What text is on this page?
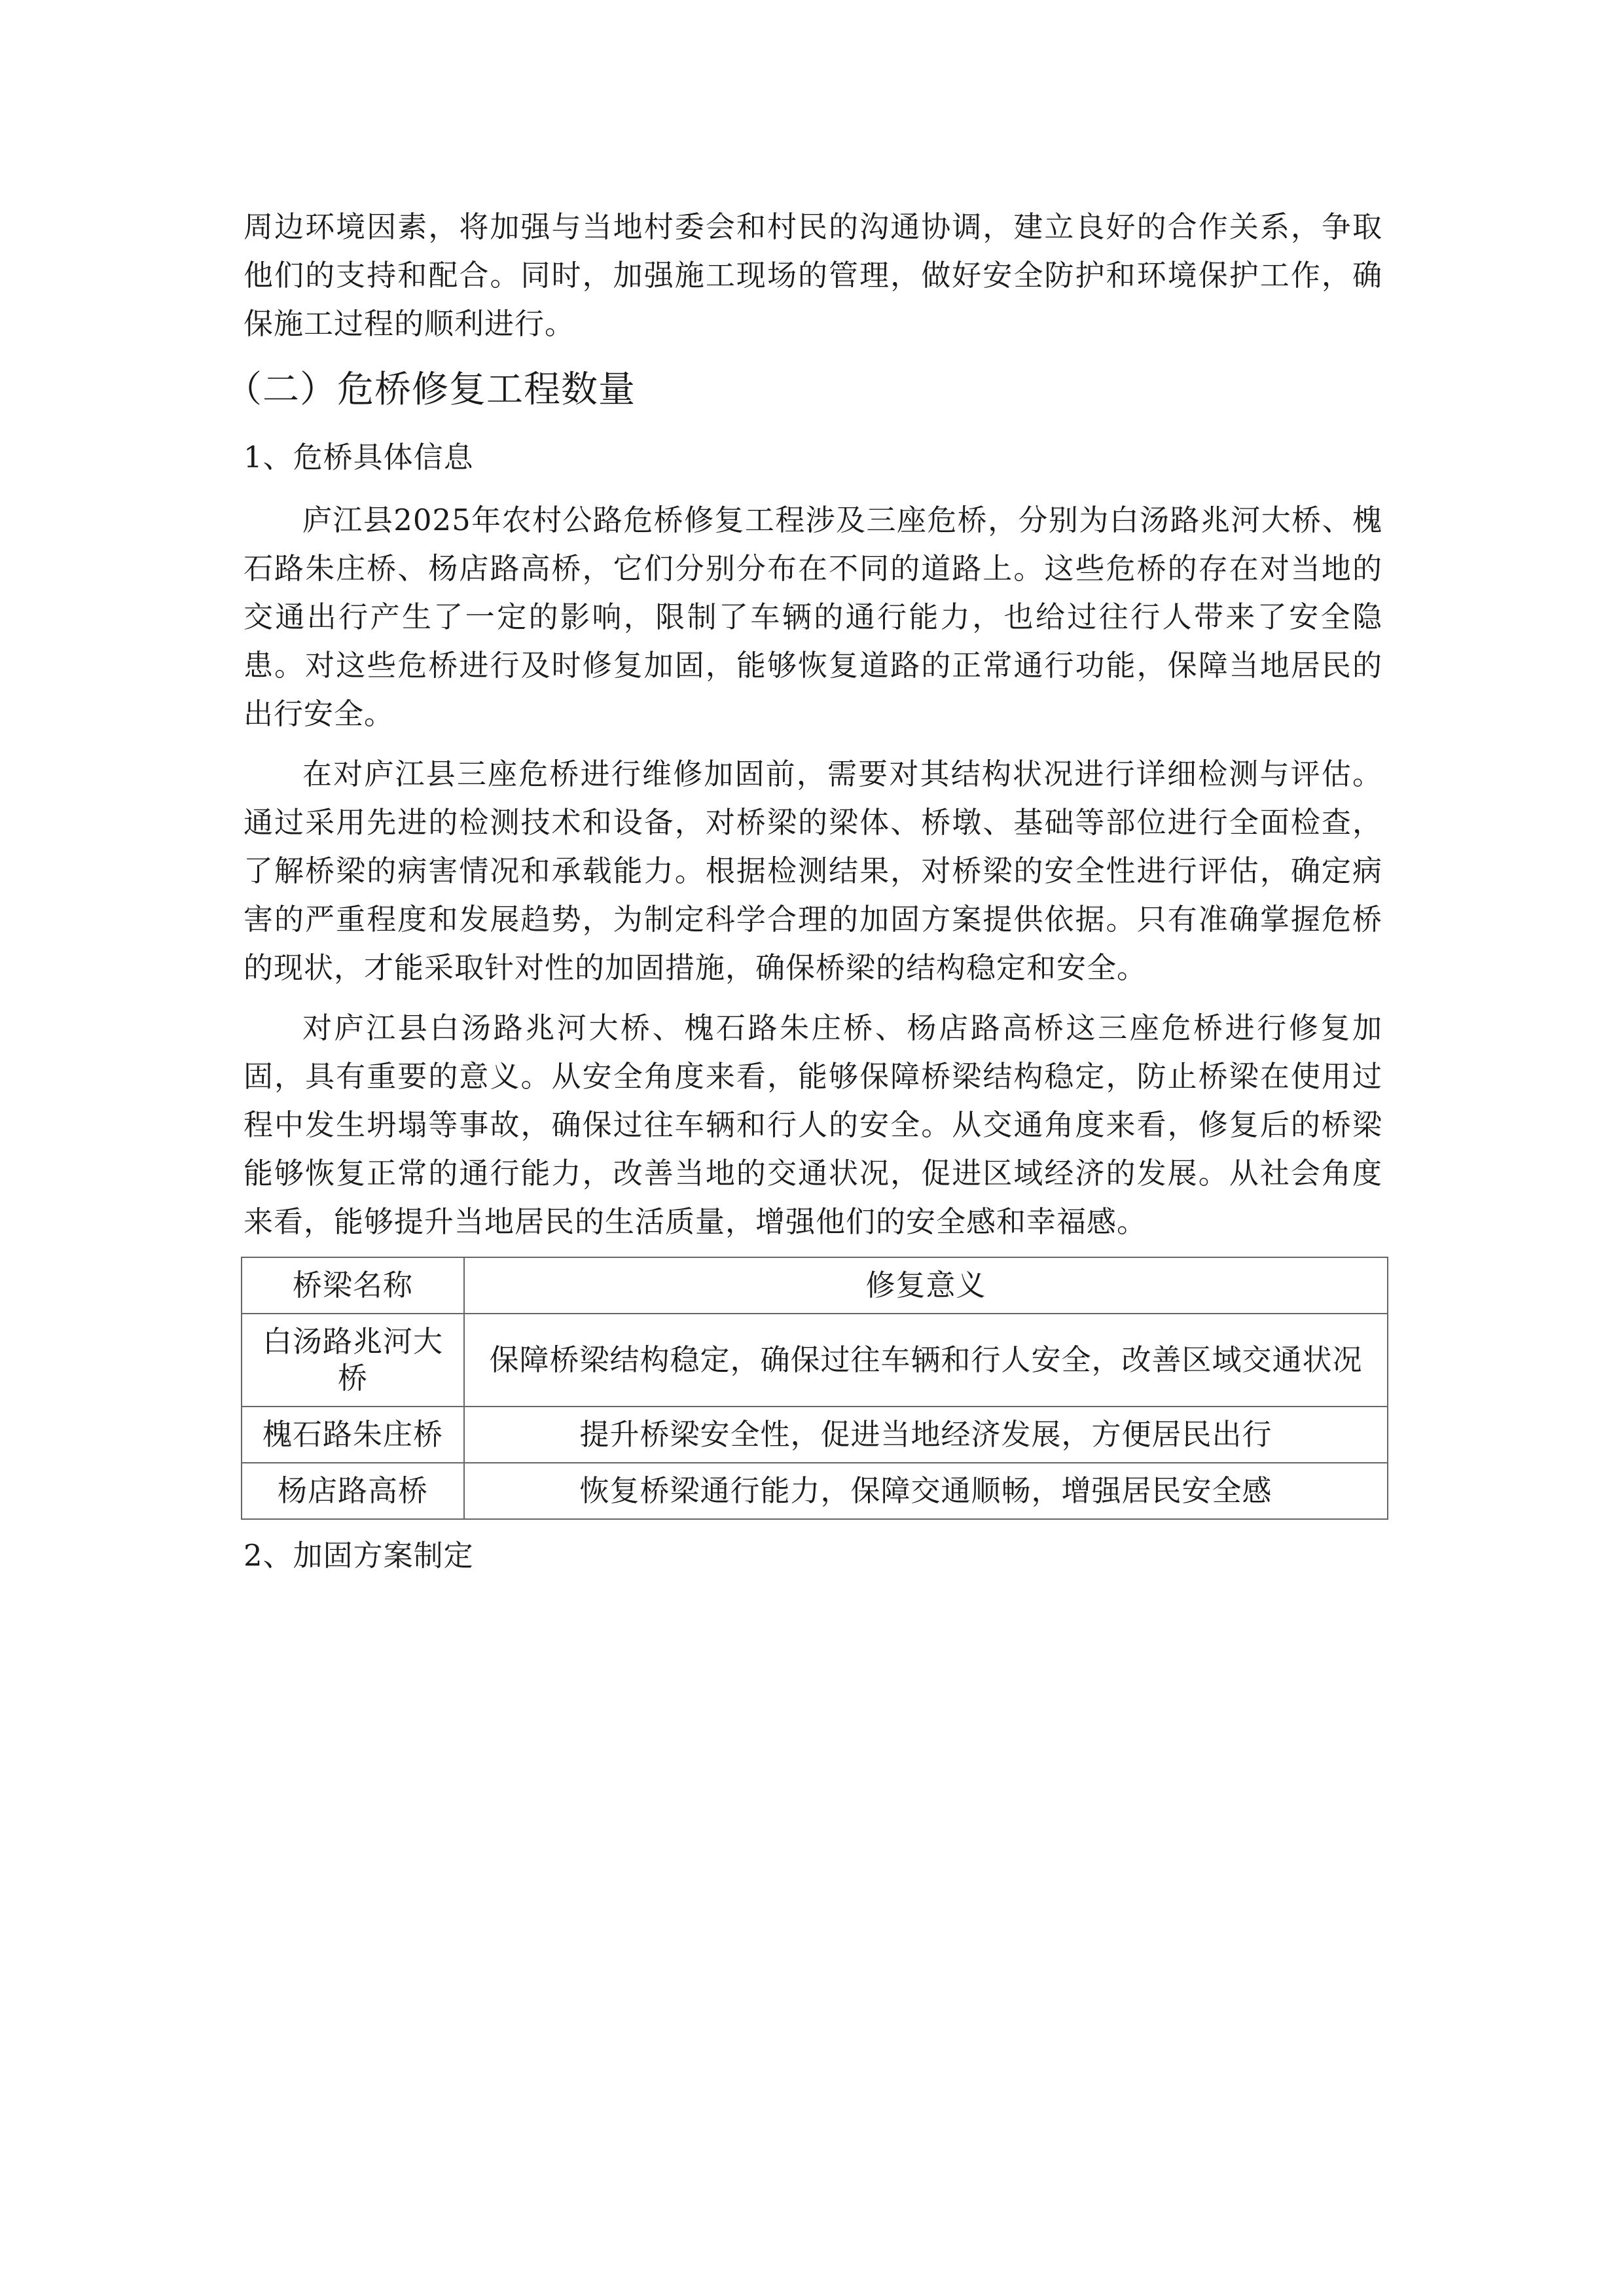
周边环境因素，将加强与当地村委会和村民的沟通协调，建立良好的合作关系，争取他们的支持和配合。同时，加强施工现场的管理，做好安全防护和环境保护工作，确保施工过程的顺利进行。

（二）危桥修复工程数量
1、危桥具体信息

庐江县2025年农村公路危桥修复工程涉及三座危桥，分别为白汤路兆河大桥、槐石路朱庄桥、杨店路高桥，它们分别分布在不同的道路上。这些危桥的存在对当地的交通出行产生了一定的影响，限制了车辆的通行能力，也给过往行人带来了安全隐患。对这些危桥进行及时修复加固，能够恢复道路的正常通行功能，保障当地居民的出行安全。

在对庐江县三座危桥进行维修加固前，需要对其结构状况进行详细检测与评估。通过采用先进的检测技术和设备，对桥梁的梁体、桥墩、基础等部位进行全面检查，了解桥梁的病害情况和承载能力。根据检测结果，对桥梁的安全性进行评估，确定病害的严重程度和发展趋势，为制定科学合理的加固方案提供依据。只有准确掌握危桥的现状，才能采取针对性的加固措施，确保桥梁的结构稳定和安全。

对庐江县白汤路兆河大桥、槐石路朱庄桥、杨店路高桥这三座危桥进行修复加固，具有重要的意义。从安全角度来看，能够保障桥梁结构稳定，防止桥梁在使用过程中发生坍塌等事故，确保过往车辆和行人的安全。从交通角度来看，修复后的桥梁能够恢复正常的通行能力，改善当地的交通状况，促进区域经济的发展。从社会角度来看，能够提升当地居民的生活质量，增强他们的安全感和幸福感。

桥梁名称	修复意义
白汤路兆河大桥	保障桥梁结构稳定，确保过往车辆和行人安全，改善区域交通状况
槐石路朱庄桥	提升桥梁安全性，促进当地经济发展，方便居民出行
杨店路高桥	恢复桥梁通行能力，保障交通顺畅，增强居民安全感
2、加固方案制定
